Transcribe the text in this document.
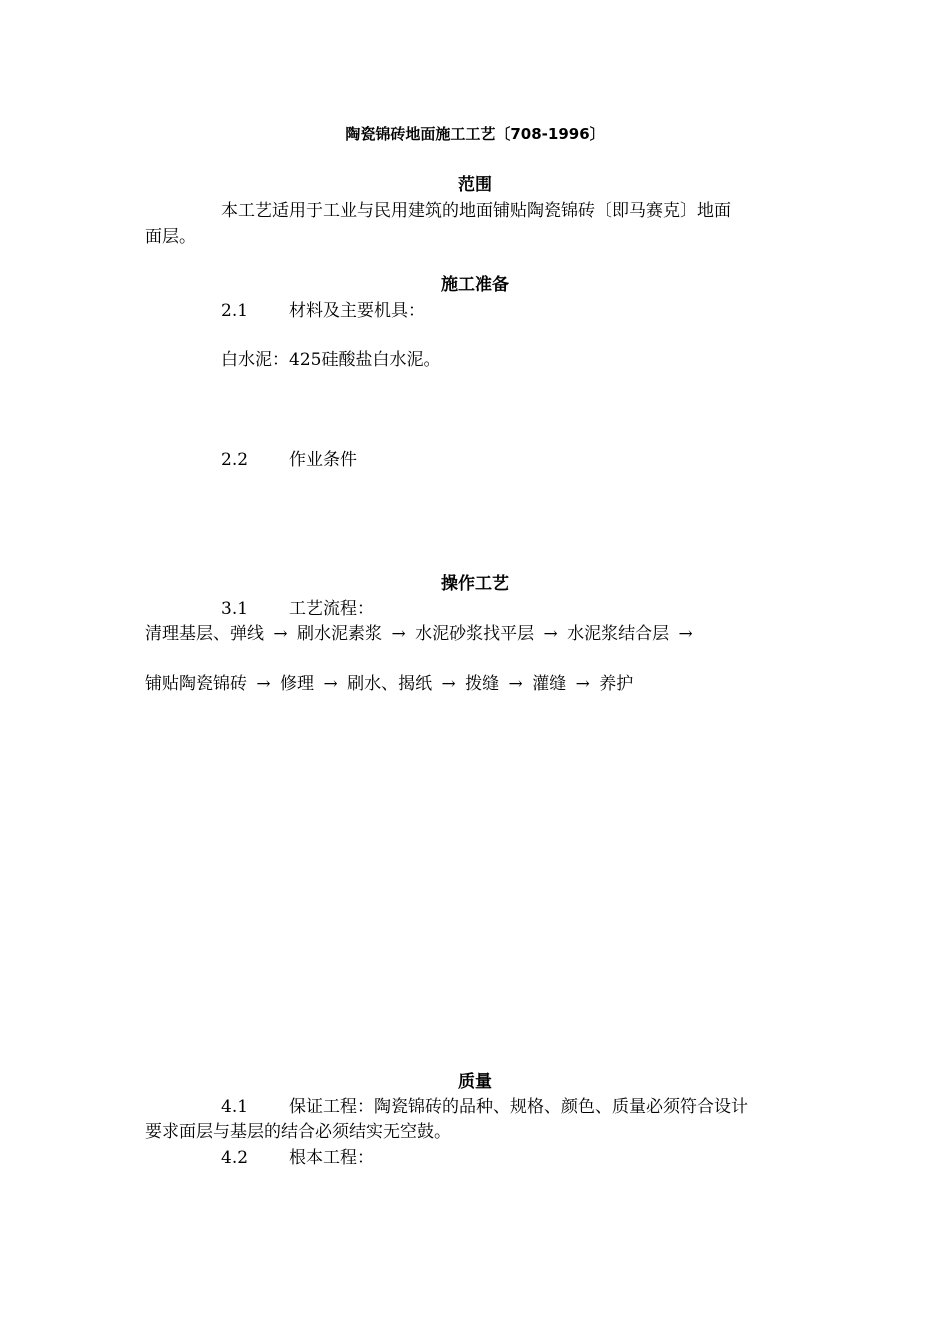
陶瓷锦砖地面施工工艺〔708-1996〕
范围
本工艺适用于工业与民用建筑的地面铺贴陶瓷锦砖〔即马赛克〕地面
面层。
施工准备
2.1 材料及主要机具：
白水泥：425硅酸盐白水泥。
2.2 作业条件
操作工艺
3.1 工艺流程：
清理基层、弹线 → 刷水泥素浆 → 水泥砂浆找平层 → 水泥浆结合层 →
铺贴陶瓷锦砖 → 修理 → 刷水、揭纸 → 拨缝 → 灌缝 → 养护
质量
4.1 保证工程：陶瓷锦砖的品种、规格、颜色、质量必须符合设计
要求面层与基层的结合必须结实无空鼓。
4.2 根本工程：
